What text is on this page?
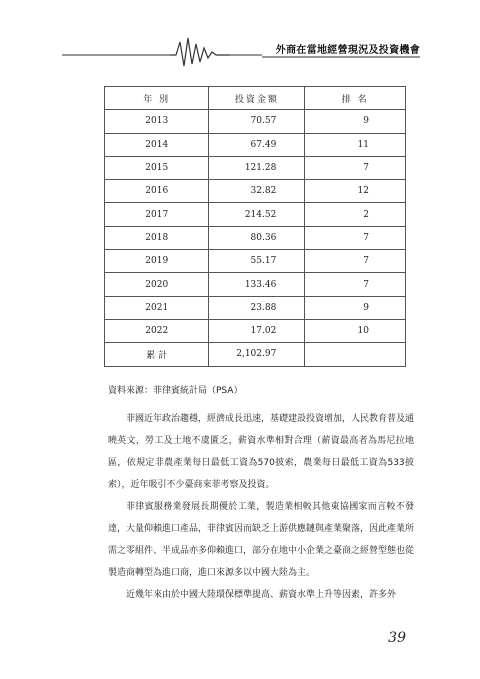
外商在當地經營現況及投資機會
年 別	投資金額	排 名
2013	70.57	9
2014	67.49	11
2015	121.28	7
2016	32.82	12
2017	214.52	2
2018	80.36	7
2019	55.17	7
2020	133.46	7
2021	23.88	9
2022	17.02	10
累 計	2,102.97	
資料來源：菲律賓統計局（PSA）

菲國近年政治趨穩，經濟成長迅速，基礎建設投資增加，人民教育普及通曉英文，勞工及土地不虞匱乏，薪資水準相對合理（薪資最高者為馬尼拉地區，依規定非農產業每日最低工資為570披索，農業每日最低工資為533披索），近年吸引不少臺商來菲考察及投資。

菲律賓服務業發展長期優於工業，製造業相較其他東協國家而言較不發達，大量仰賴進口產品，菲律賓因而缺乏上游供應鏈與產業聚落，因此產業所需之零組件、半成品亦多仰賴進口，部分在地中小企業之臺商之經營型態也從製造商轉型為進口商，進口來源多以中國大陸為主。

近幾年來由於中國大陸環保標準提高、薪資水準上升等因素，許多外

39
